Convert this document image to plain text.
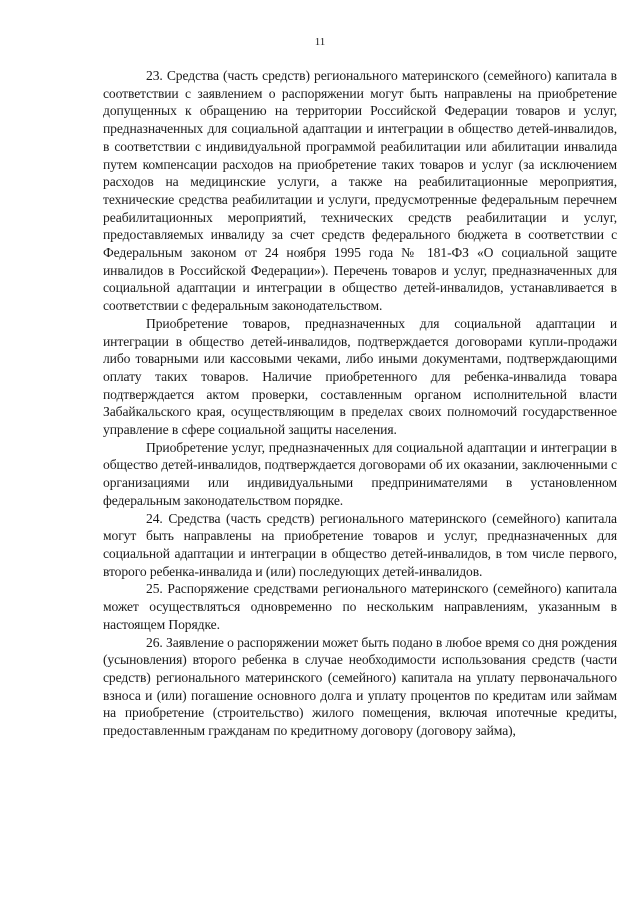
11

23. Средства (часть средств) регионального материнского (семейного) капитала в соответствии с заявлением о распоряжении могут быть направлены на приобретение допущенных к обращению на территории Российской Федерации товаров и услуг, предназначенных для социальной адаптации и интеграции в общество детей-инвалидов, в соответствии с индивидуальной программой реабилитации или абилитации инвалида путем компенсации расходов на приобретение таких товаров и услуг (за исключением расходов на медицинские услуги, а также на реабилитационные мероприятия, технические средства реабилитации и услуги, предусмотренные федеральным перечнем реабилитационных мероприятий, технических средств реабилитации и услуг, предоставляемых инвалиду за счет средств федерального бюджета в соответствии с Федеральным законом от 24 ноября 1995 года № 181-ФЗ «О социальной защите инвалидов в Российской Федерации»). Перечень товаров и услуг, предназначенных для социальной адаптации и интеграции в общество детей-инвалидов, устанавливается в соответствии с федеральным законодательством.

Приобретение товаров, предназначенных для социальной адаптации и интеграции в общество детей-инвалидов, подтверждается договорами купли-продажи либо товарными или кассовыми чеками, либо иными документами, подтверждающими оплату таких товаров. Наличие приобретенного для ребенка-инвалида товара подтверждается актом проверки, составленным органом исполнительной власти Забайкальского края, осуществляющим в пределах своих полномочий государственное управление в сфере социальной защиты населения.

Приобретение услуг, предназначенных для социальной адаптации и интеграции в общество детей-инвалидов, подтверждается договорами об их оказании, заключенными с организациями или индивидуальными предпринимателями в установленном федеральным законодательством порядке.

24. Средства (часть средств) регионального материнского (семейного) капитала могут быть направлены на приобретение товаров и услуг, предназначенных для социальной адаптации и интеграции в общество детей-инвалидов, в том числе первого, второго ребенка-инвалида и (или) последующих детей-инвалидов.

25. Распоряжение средствами регионального материнского (семейного) капитала может осуществляться одновременно по нескольким направлениям, указанным в настоящем Порядке.

26. Заявление о распоряжении может быть подано в любое время со дня рождения (усыновления) второго ребенка в случае необходимости использования средств (части средств) регионального материнского (семейного) капитала на уплату первоначального взноса и (или) погашение основного долга и уплату процентов по кредитам или займам на приобретение (строительство) жилого помещения, включая ипотечные кредиты, предоставленным гражданам по кредитному договору (договору займа),
